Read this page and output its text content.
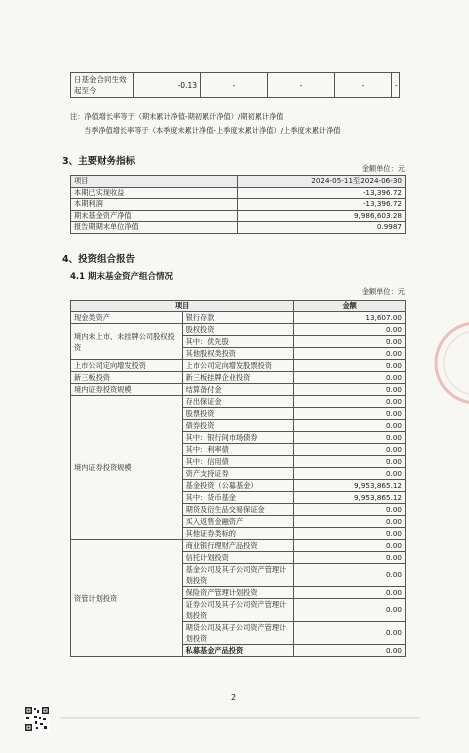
日基金合同生效起至今	-0.13	-	-	-	-
注：净值增长率等于（期末累计净值-期初累计净值）/期初累计净值
当季净值增长率等于（本季度末累计净值-上季度末累计净值）/上季度末累计净值
3、主要财务指标
金额单位：元
项目	2024-05-11至2024-06-30
本期已实现收益	-13,396.72
本期利润	-13,396.72
期末基金资产净值	9,986,603.28
报告期期末单位净值	0.9987
4、投资组合报告
4.1 期末基金资产组合情况
金额单位：元
项目		金额
现金类资产	银行存款	13,607.00
境内未上市、未挂牌公司股权投资	股权投资	0.00
	其中：优先股	0.00
	其他股权类投资	0.00
上市公司定向增发投资	上市公司定向增发股票投资	0.00
新三板投资	新三板挂牌企业投资	0.00
境内证券投资规模	结算备付金	0.00
境内证券投资规模	存出保证金	0.00
	股票投资	0.00
	债券投资	0.00
	其中：银行间市场债券	0.00
	其中：利率债	0.00
	其中：信用债	0.00
	资产支持证券	0.00
	基金投资（公募基金）	9,953,865.12
	其中：货币基金	9,953,865.12
	期货及衍生品交易保证金	0.00
	买入返售金融资产	0.00
	其他证券类标的	0.00
资管计划投资	商业银行理财产品投资	0.00
	信托计划投资	0.00
	基金公司及其子公司资产管理计划投资	0.00
	保险资产管理计划投资	0.00
	证券公司及其子公司资产管理计划投资	0.00
	期货公司及其子公司资产管理计划投资	0.00
	私募基金产品投资	0.00
2
